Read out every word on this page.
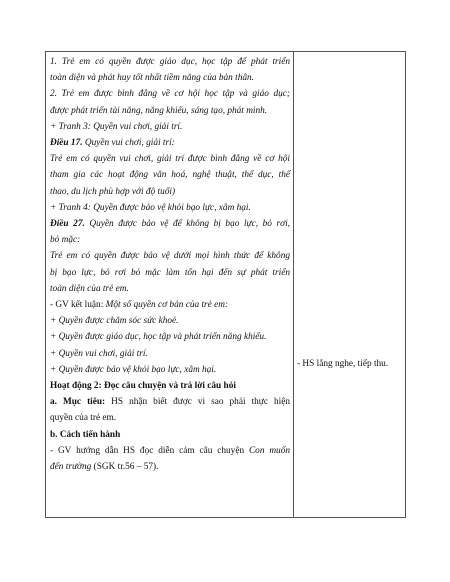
1. Trẻ em có quyền được giáo dục, học tập để phát triển
toàn diện và phát huy tốt nhất tiềm năng của bản thân.
2. Trẻ em được bình đẳng về cơ hội học tập và giáo dục;
được phát triển tài năng, năng khiếu, sáng tạo, phát minh.
+ Tranh 3: Quyền vui chơi, giải trí.
Điều 17. Quyền vui chơi, giải trí:
Trẻ em có quyền vui chơi, giải trí được bình đẳng về cơ hội
tham gia các hoạt động văn hoá, nghệ thuật, thể dục, thể
thao, du lịch phù hợp với độ tuổi)
+ Tranh 4: Quyền được bảo vệ khỏi bạo lực, xâm hại.
Điều 27. Quyền được bảo vệ để không bị bạo lực, bỏ rơi,
bỏ mặc:
Trẻ em có quyền được bảo vệ dưới mọi hình thức để không
bị bạo lực, bỏ rơi bỏ mặc làm tổn hại đến sự phát triển
toàn diện của trẻ em.
- GV kết luận: Một số quyền cơ bản của trẻ em:
+ Quyền được chăm sóc sức khoẻ.
+ Quyền được giáo dục, học tập và phát triển năng khiếu.
+ Quyền vui chơi, giải trí.
+ Quyền được bảo vệ khỏi bạo lực, xâm hại.
Hoạt động 2: Đọc câu chuyện và trả lời câu hỏi
a. Mục tiêu: HS nhận biết được vì sao phải thực hiện
quyền của trẻ em.
b. Cách tiến hành
- GV hướng dẫn HS đọc diễn cảm câu chuyện Con muốn
đến trường (SGK tr.56 – 57).
- HS lắng nghe, tiếp thu.
